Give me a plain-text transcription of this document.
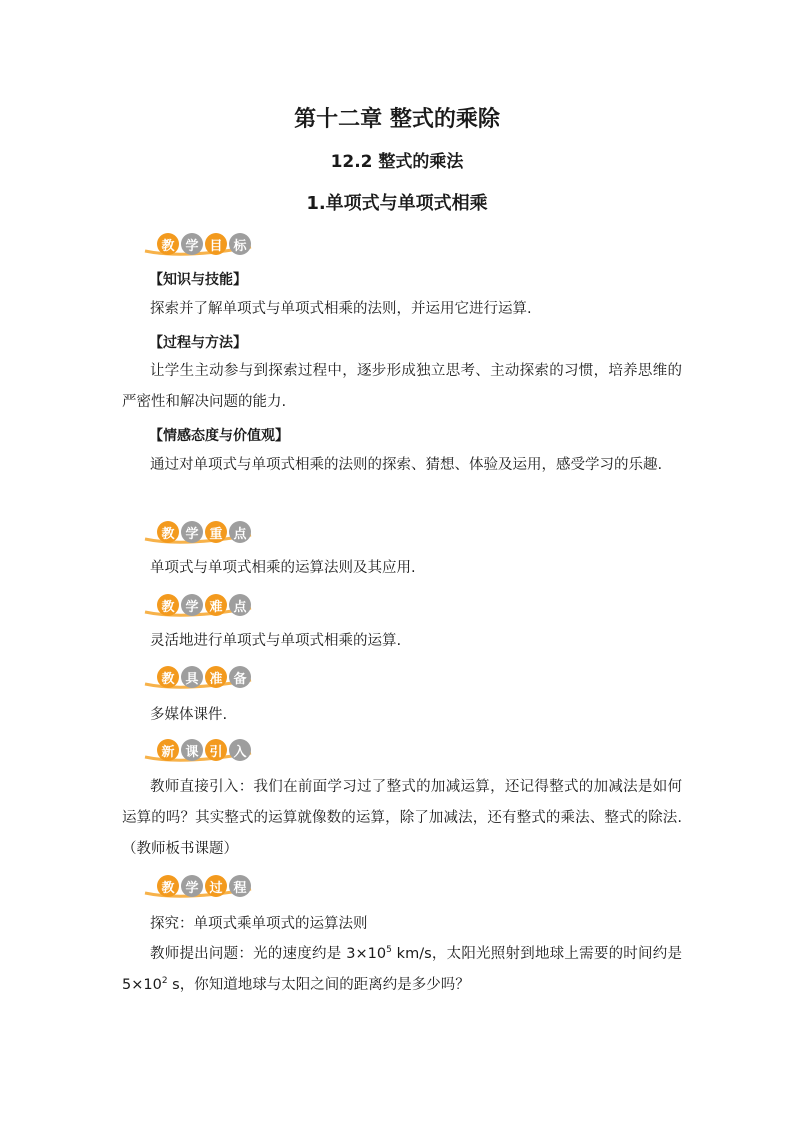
第十二章 整式的乘除
12.2 整式的乘法
1.单项式与单项式相乘
教 学 目 标

【知识与技能】

探索并了解单项式与单项式相乘的法则，并运用它进行运算.

【过程与方法】

让学生主动参与到探索过程中，逐步形成独立思考、主动探索的习惯，培养思维的严密性和解决问题的能力.

【情感态度与价值观】

通过对单项式与单项式相乘的法则的探索、猜想、体验及运用，感受学习的乐趣.

教 学 重 点

单项式与单项式相乘的运算法则及其应用.

教 学 难 点

灵活地进行单项式与单项式相乘的运算.

教 具 准 备

多媒体课件.

新 课 引 入

教师直接引入：我们在前面学习过了整式的加减运算，还记得整式的加减法是如何运算的吗？其实整式的运算就像数的运算，除了加减法，还有整式的乘法、整式的除法.（教师板书课题）

教 学 过 程

探究：单项式乘单项式的运算法则

教师提出问题：光的速度约是 $3\times 10^5$ km/s，太阳光照射到地球上需要的时间约是 $5\times 10^2$ s，你知道地球与太阳之间的距离约是多少吗？
